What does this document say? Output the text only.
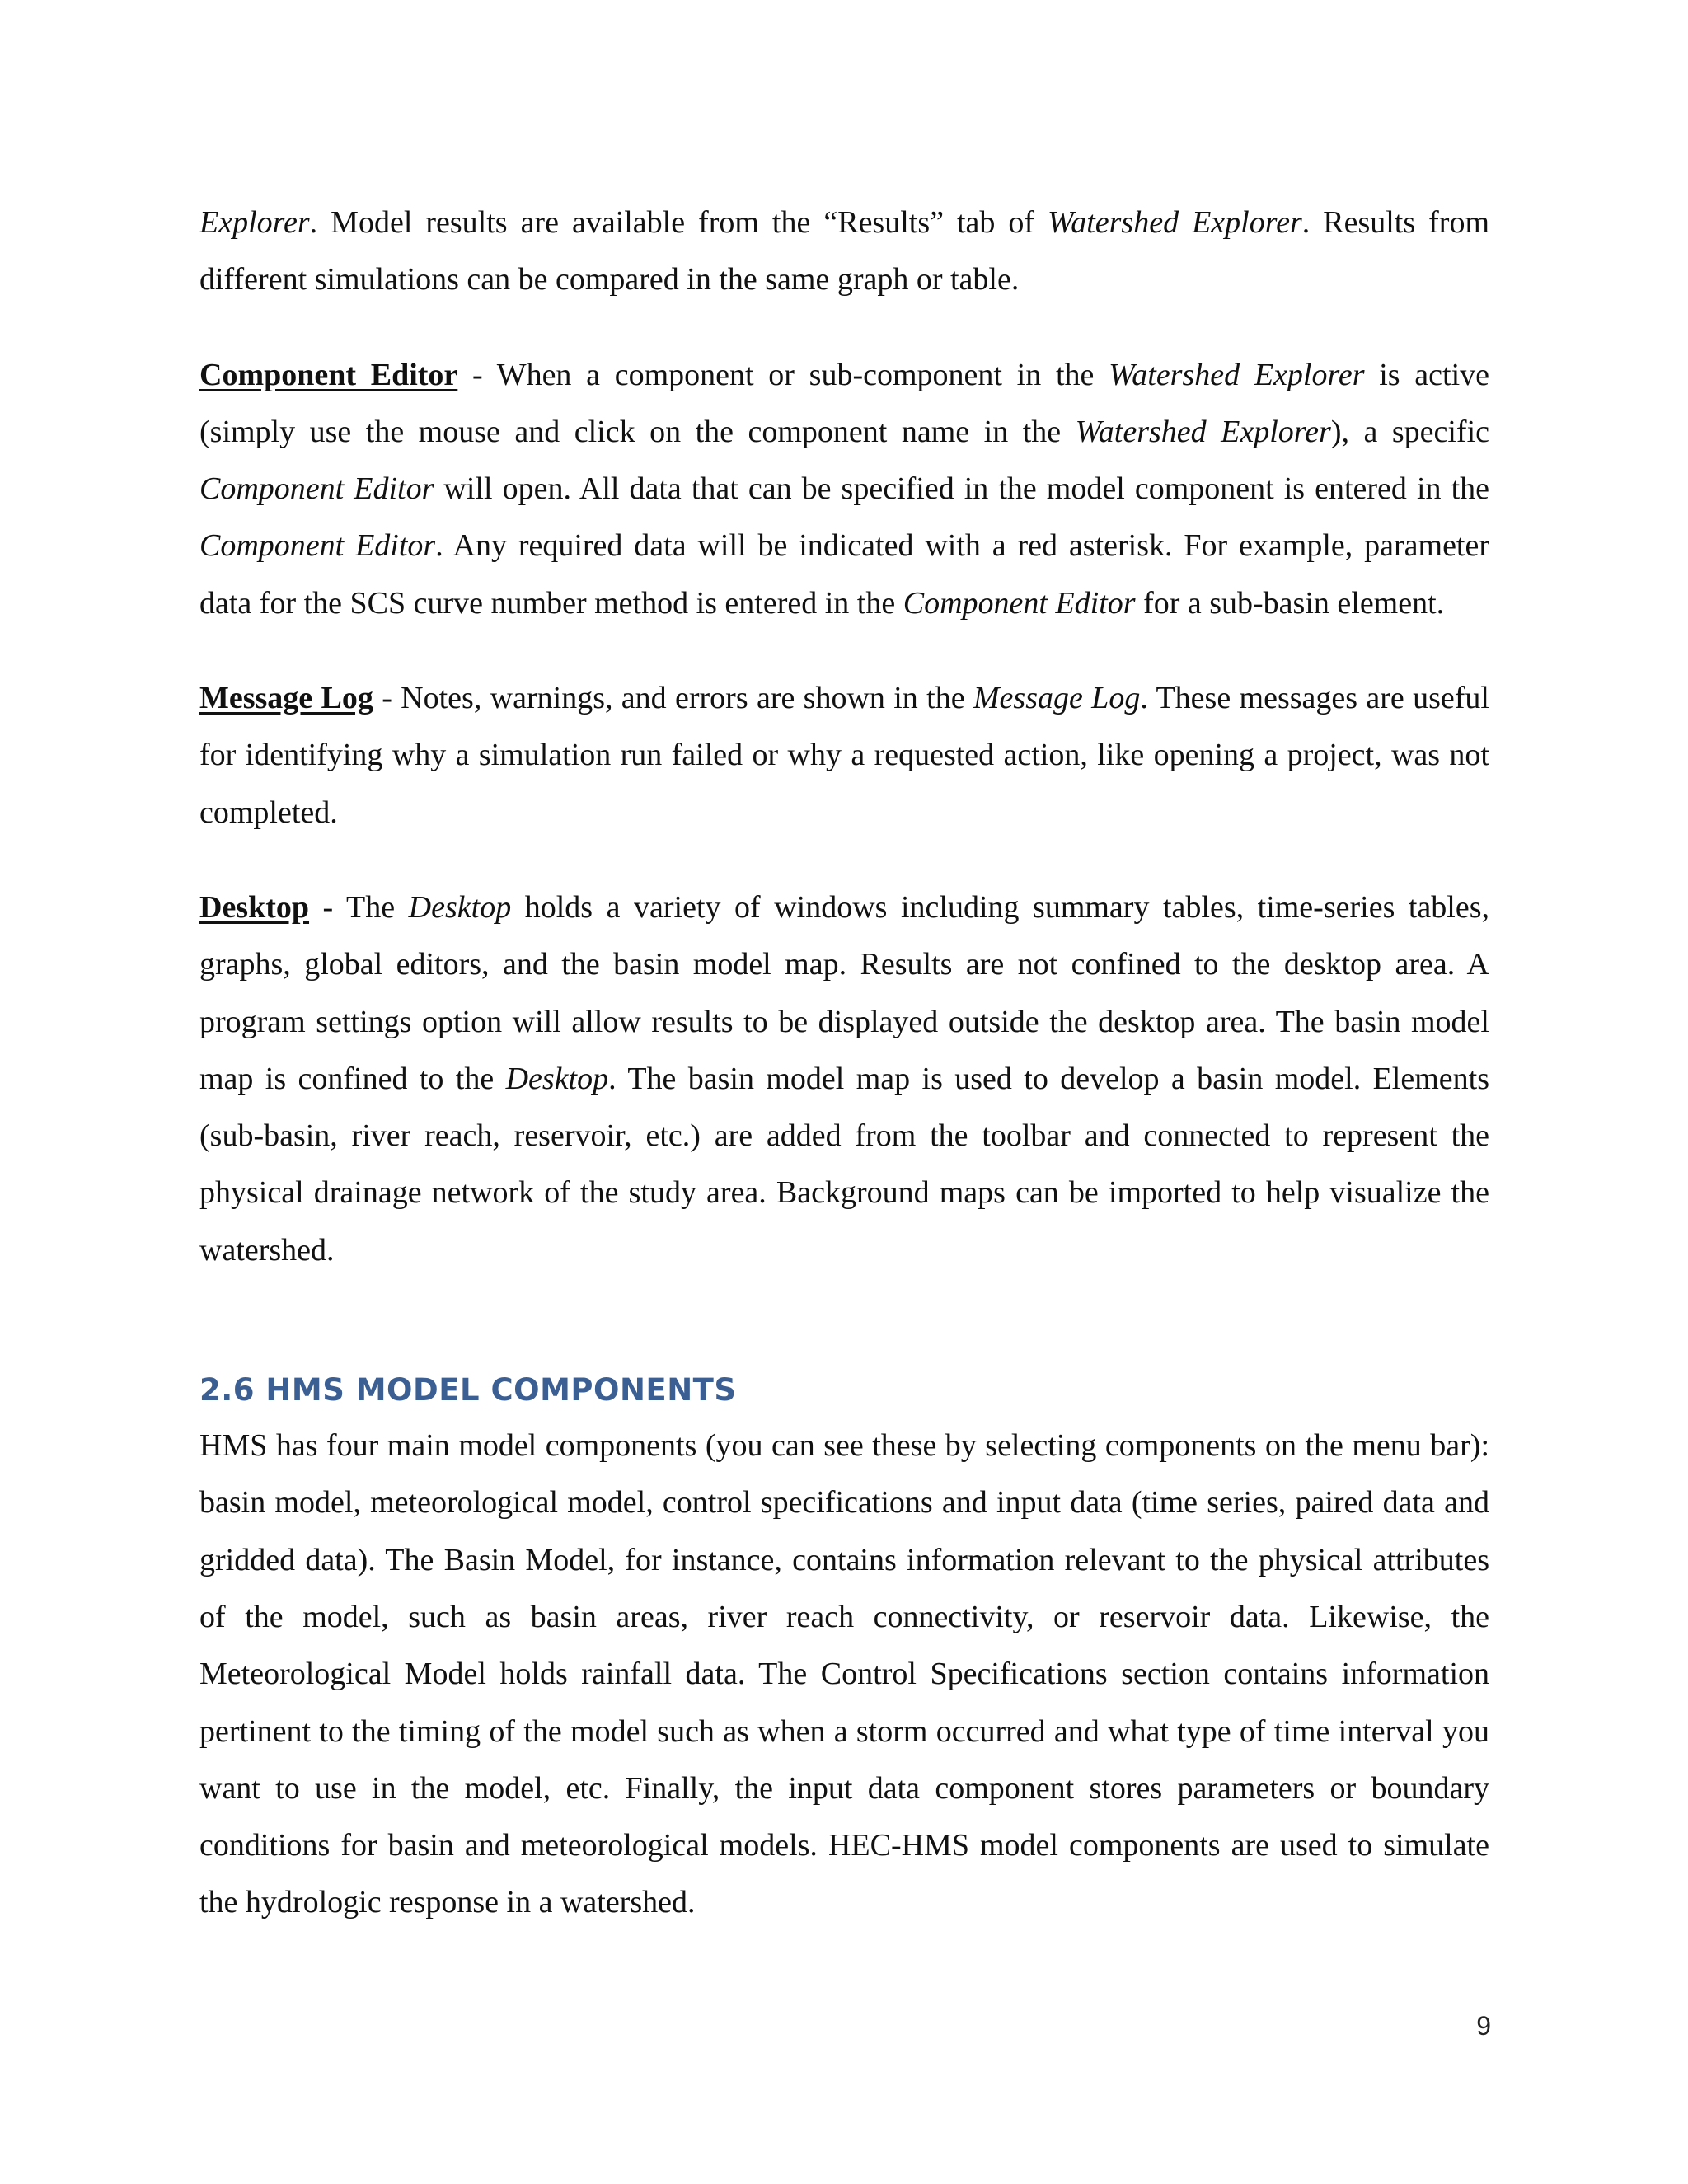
Explorer. Model results are available from the “Results” tab of Watershed Explorer. Results from different simulations can be compared in the same graph or table.

Component Editor - When a component or sub-component in the Watershed Explorer is active (simply use the mouse and click on the component name in the Watershed Explorer), a specific Component Editor will open. All data that can be specified in the model component is entered in the Component Editor. Any required data will be indicated with a red asterisk. For example, parameter data for the SCS curve number method is entered in the Component Editor for a sub-basin element.

Message Log - Notes, warnings, and errors are shown in the Message Log. These messages are useful for identifying why a simulation run failed or why a requested action, like opening a project, was not completed.

Desktop - The Desktop holds a variety of windows including summary tables, time-series tables, graphs, global editors, and the basin model map. Results are not confined to the desktop area. A program settings option will allow results to be displayed outside the desktop area. The basin model map is confined to the Desktop. The basin model map is used to develop a basin model. Elements (sub-basin, river reach, reservoir, etc.) are added from the toolbar and connected to represent the physical drainage network of the study area. Background maps can be imported to help visualize the watershed.

2.6 HMS MODEL COMPONENTS

HMS has four main model components (you can see these by selecting components on the menu bar): basin model, meteorological model, control specifications and input data (time series, paired data and gridded data). The Basin Model, for instance, contains information relevant to the physical attributes of the model, such as basin areas, river reach connectivity, or reservoir data. Likewise, the Meteorological Model holds rainfall data. The Control Specifications section contains information pertinent to the timing of the model such as when a storm occurred and what type of time interval you want to use in the model, etc. Finally, the input data component stores parameters or boundary conditions for basin and meteorological models. HEC-HMS model components are used to simulate the hydrologic response in a watershed.

9
